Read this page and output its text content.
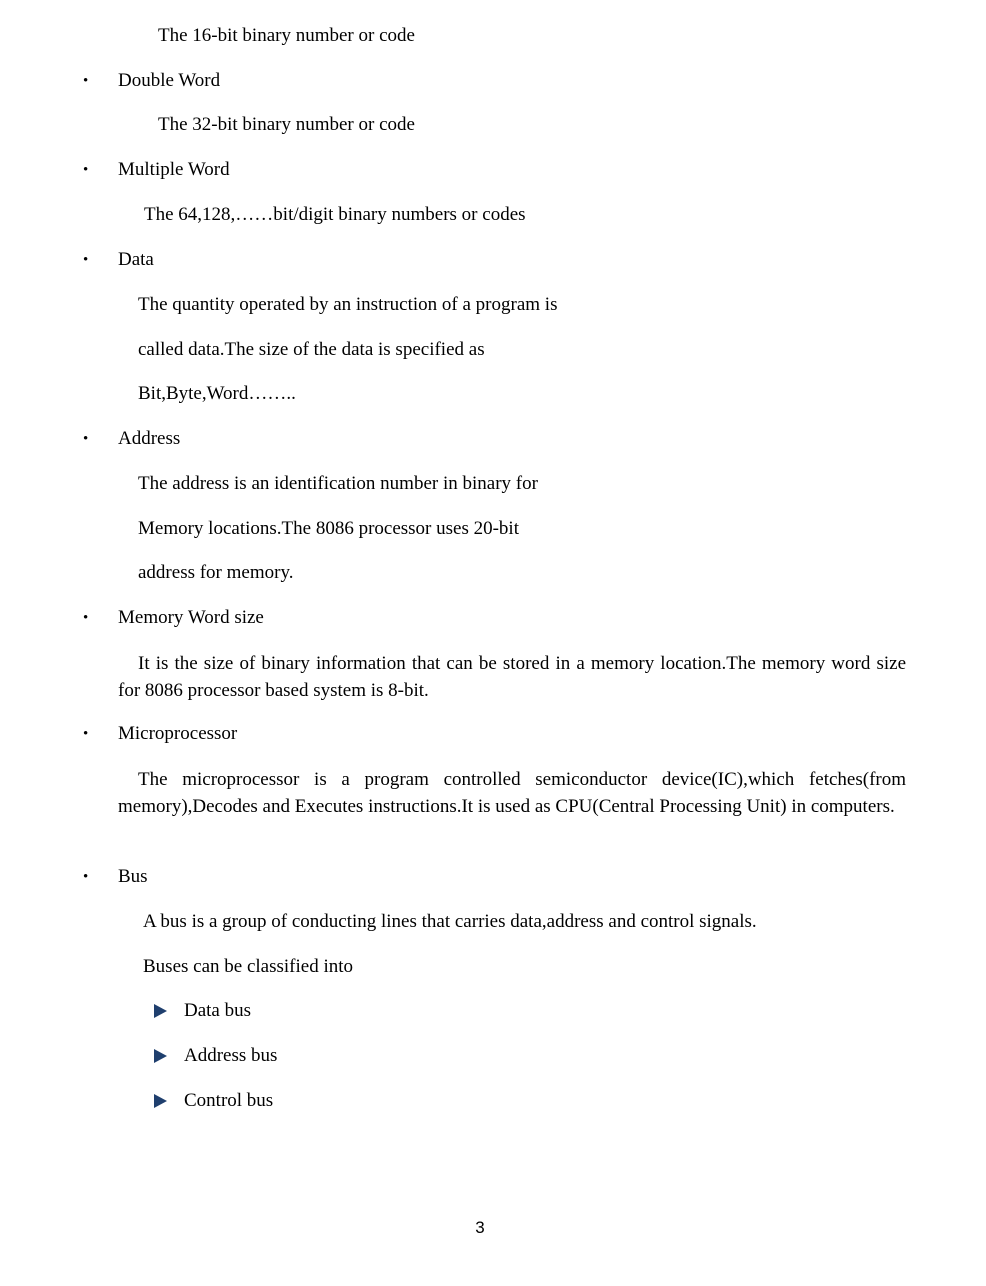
The 16-bit binary number or code
• Double Word
The 32-bit binary number or code
• Multiple Word
The 64,128,……bit/digit binary numbers or codes
• Data
The quantity operated by an instruction of a program is
called data.The size of the data is specified as
Bit,Byte,Word……..
• Address
The address is an identification number in binary for
Memory locations.The 8086 processor uses 20-bit
address for memory.
• Memory Word size
It is the size of binary information that can be stored in a memory location.The memory word size for 8086 processor based system is 8-bit.
• Microprocessor
The microprocessor is a program controlled semiconductor device(IC),which fetches(from memory),Decodes and Executes instructions.It is used as CPU(Central Processing Unit) in computers.
• Bus
A bus is a group of conducting lines that carries data,address and control signals.
Buses can be classified into
Data bus
Address bus
Control bus
3
